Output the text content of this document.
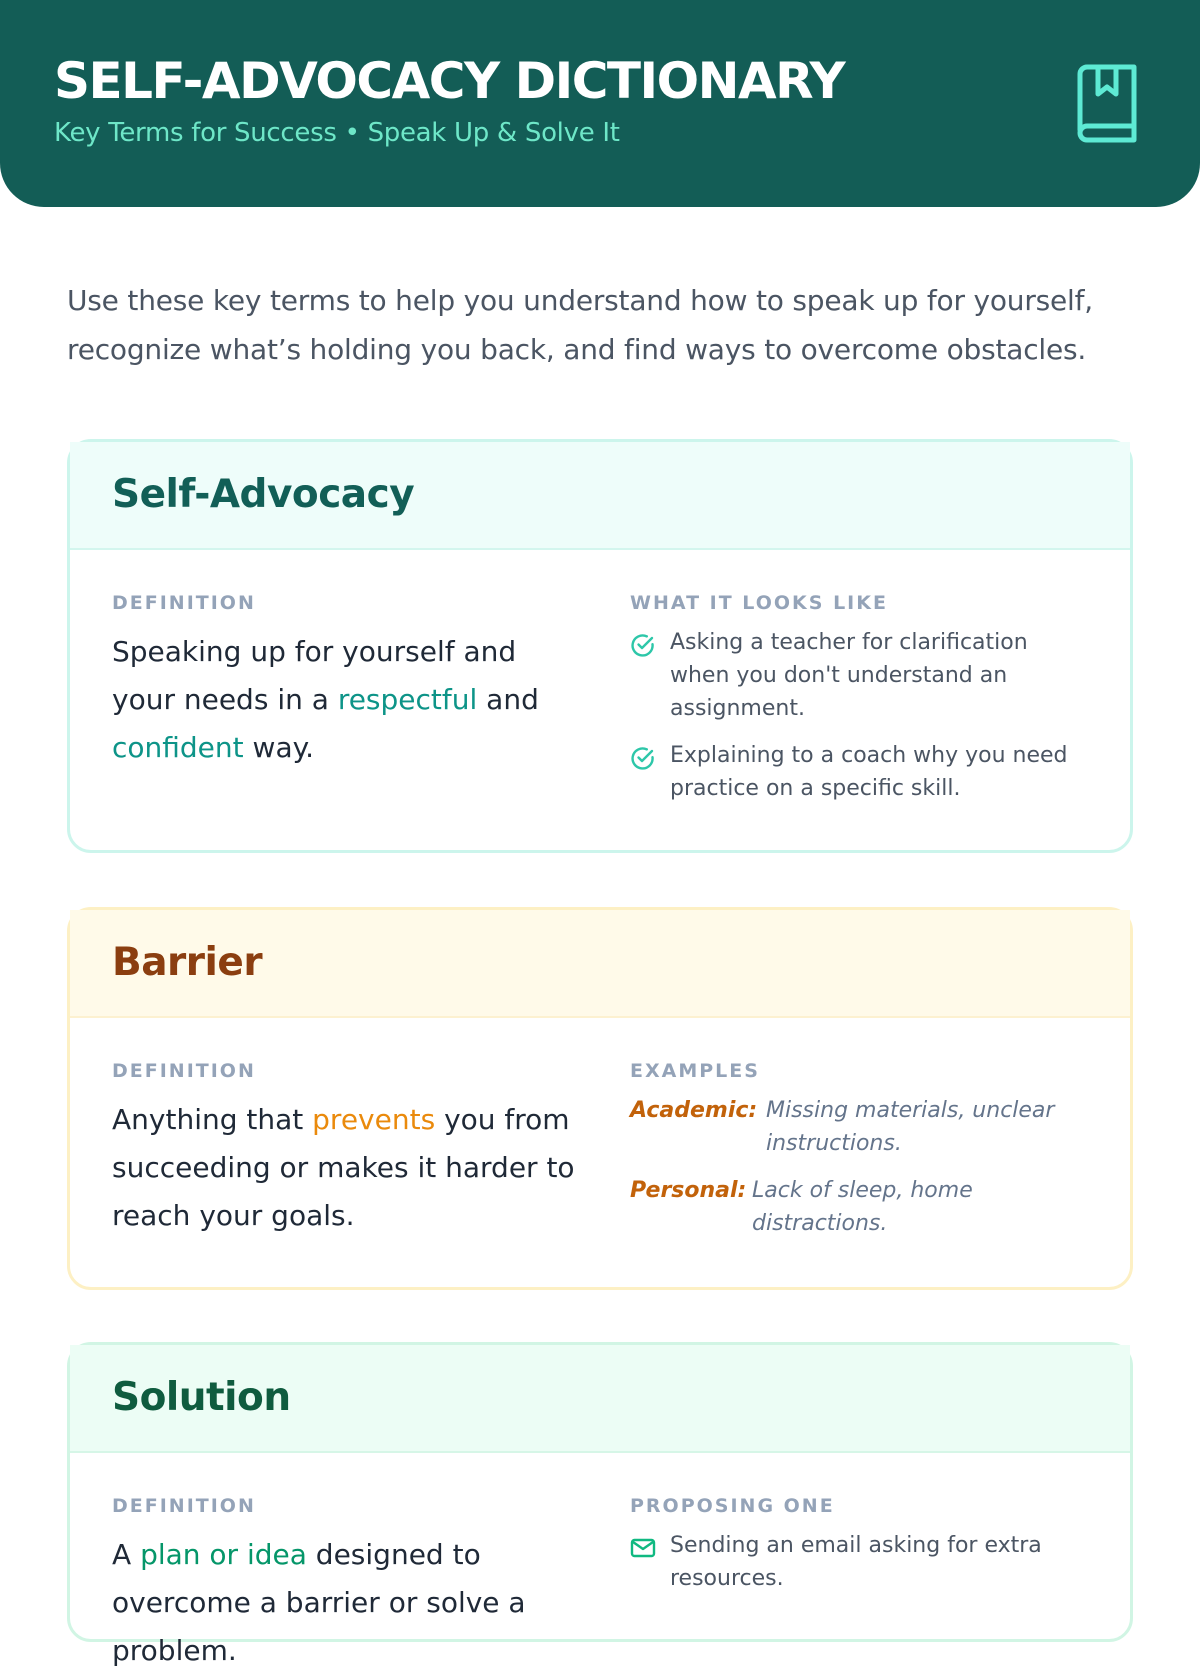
SELF-ADVOCACY DICTIONARY
Key Terms for Success • Speak Up & Solve It

Use these key terms to help you understand how to speak up for yourself, recognize what’s holding you back, and find ways to overcome obstacles.

Self-Advocacy
DEFINITION

Speaking up for yourself and your needs in a respectful and confident way.

WHAT IT LOOKS LIKE
Asking a teacher for clarification when you don't understand an assignment.
Explaining to a coach why you need practice on a specific skill.
Barrier
DEFINITION

Anything that prevents you from succeeding or makes it harder to reach your goals.

EXAMPLES
Academic: Missing materials, unclear instructions.
Personal: Lack of sleep, home distractions.
Solution
DEFINITION

A plan or idea designed to overcome a barrier or solve a problem.

PROPOSING ONE
Sending an email asking for extra resources.
